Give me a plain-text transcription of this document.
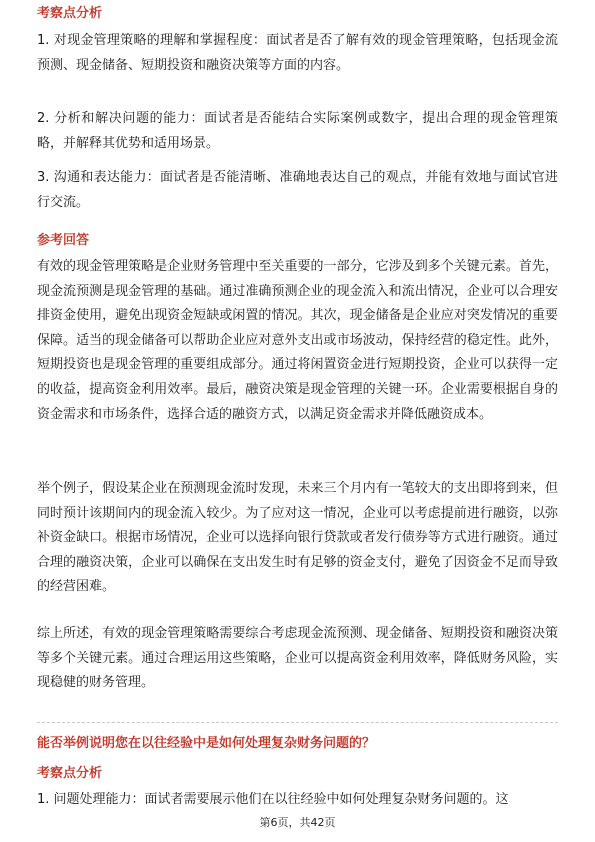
考察点分析

1. 对现金管理策略的理解和掌握程度：面试者是否了解有效的现金管理策略，包括现金流预测、现金储备、短期投资和融资决策等方面的内容。

2. 分析和解决问题的能力：面试者是否能结合实际案例或数字，提出合理的现金管理策略，并解释其优势和适用场景。

3. 沟通和表达能力：面试者是否能清晰、准确地表达自己的观点，并能有效地与面试官进行交流。

参考回答

有效的现金管理策略是企业财务管理中至关重要的一部分，它涉及到多个关键元素。首先，现金流预测是现金管理的基础。通过准确预测企业的现金流入和流出情况，企业可以合理安排资金使用，避免出现资金短缺或闲置的情况。其次，现金储备是企业应对突发情况的重要保障。适当的现金储备可以帮助企业应对意外支出或市场波动，保持经营的稳定性。此外，短期投资也是现金管理的重要组成部分。通过将闲置资金进行短期投资，企业可以获得一定的收益，提高资金利用效率。最后，融资决策是现金管理的关键一环。企业需要根据自身的资金需求和市场条件，选择合适的融资方式，以满足资金需求并降低融资成本。

举个例子，假设某企业在预测现金流时发现，未来三个月内有一笔较大的支出即将到来，但同时预计该期间内的现金流入较少。为了应对这一情况，企业可以考虑提前进行融资，以弥补资金缺口。根据市场情况，企业可以选择向银行贷款或者发行债券等方式进行融资。通过合理的融资决策，企业可以确保在支出发生时有足够的资金支付，避免了因资金不足而导致的经营困难。

综上所述，有效的现金管理策略需要综合考虑现金流预测、现金储备、短期投资和融资决策等多个关键元素。通过合理运用这些策略，企业可以提高资金利用效率，降低财务风险，实现稳健的财务管理。

能否举例说明您在以往经验中是如何处理复杂财务问题的？
考察点分析

1. 问题处理能力：面试者需要展示他们在以往经验中如何处理复杂财务问题的。这

第6页，共42页
